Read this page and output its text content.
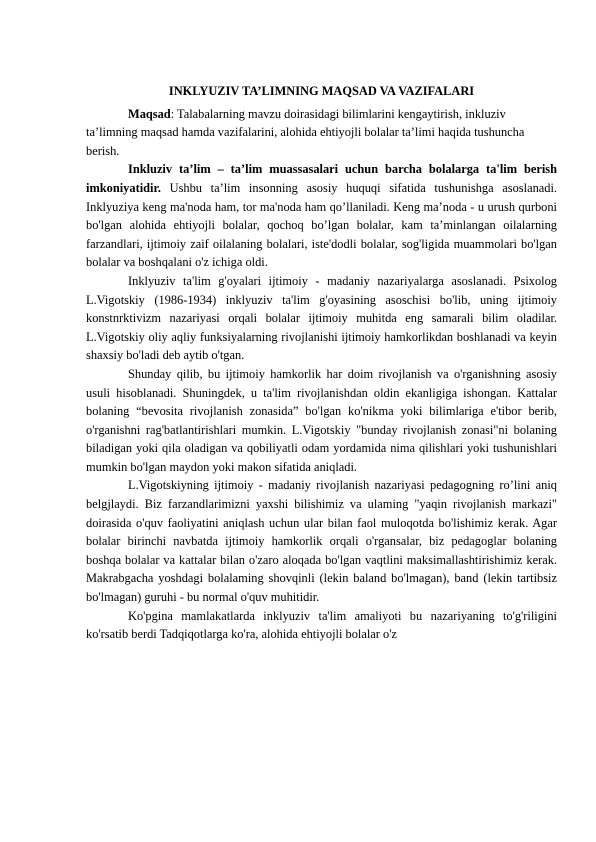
INKLYUZIV TA’LIMNING MAQSAD VA VAZIFALARI

Maqsad: Talabalarning mavzu doirasidagi bilimlarini kengaytirish, inkluziv ta’limning maqsad hamda vazifalarini, alohida ehtiyojli bolalar ta’limi haqida tushuncha berish.

Inkluziv ta’lim – ta’lim muassasalari uchun barcha bolalarga ta'lim berish imkoniyatidir. Ushbu ta’lim insonning asosiy huquqi sifatida tushunishga asoslanadi. Inklyuziya keng ma'noda ham, tor ma'noda ham qo’llaniladi. Keng ma’noda - u urush qurboni bo'lgan alohida ehtiyojli bolalar, qochoq bo’lgan bolalar, kam ta’minlangan oilalarning farzandlari, ijtimoiy zaif oilalaning bolalari, iste'dodli bolalar, sog'ligida muammolari bo'lgan bolalar va boshqalani o'z ichiga oldi.

Inklyuziv ta'lim g'oyalari ijtimoiy - madaniy nazariyalarga asoslanadi. Psixolog L.Vigotskiy (1986-1934) inklyuziv ta'lim g'oyasining asoschisi bo'lib, uning ijtimoiy konstnrktivizm nazariyasi orqali bolalar ijtimoiy muhitda eng samarali bilim oladilar. L.Vigotskiy oliy aqliy funksiyalarning rivojlanishi ijtimoiy hamkorlikdan boshlanadi va keyin shaxsiy bo'ladi deb aytib o'tgan.

Shunday qilib, bu ijtimoiy hamkorlik har doim rivojlanish va o'rganishning asosiy usuli hisoblanadi. Shuningdek, u ta'lim rivojlanishdan oldin ekanligiga ishongan. Kattalar bolaning “bevosita rivojlanish zonasida” bo'lgan ko'nikma yoki bilimlariga e'tibor berib, o'rganishni rag'batlantirishlari mumkin. L.Vigotskiy "bunday rivojlanish zonasi"ni bolaning biladigan yoki qila oladigan va qobiliyatli odam yordamida nima qilishlari yoki tushunishlari mumkin bo'lgan maydon yoki makon sifatida aniqladi.

L.Vigotskiyning ijtimoiy - madaniy rivojlanish nazariyasi pedagogning ro’lini aniq belgjlaydi. Biz farzandlarimizni yaxshi bilishimiz va ulaming "yaqin rivojlanish markazi" doirasida o'quv faoliyatini aniqlash uchun ular bilan faol muloqotda bo'lishimiz kerak. Agar bolalar birinchi navbatda ijtimoiy hamkorlik orqali o'rgansalar, biz pedagoglar bolaning boshqa bolalar va kattalar bilan o'zaro aloqada bo'lgan vaqtlini maksimallashtirishimiz kerak. Makrabgacha yoshdagi bolalaming shovqinli (lekin baland bo'lmagan), band (lekin tartibsiz bo'lmagan) guruhi - bu normal o'quv muhitidir.

Ko'pgina mamlakatlarda inklyuziv ta'lim amaliyoti bu nazariyaning to'g'riligini ko'rsatib berdi Tadqiqotlarga ko'ra, alohida ehtiyojli bolalar o'z
